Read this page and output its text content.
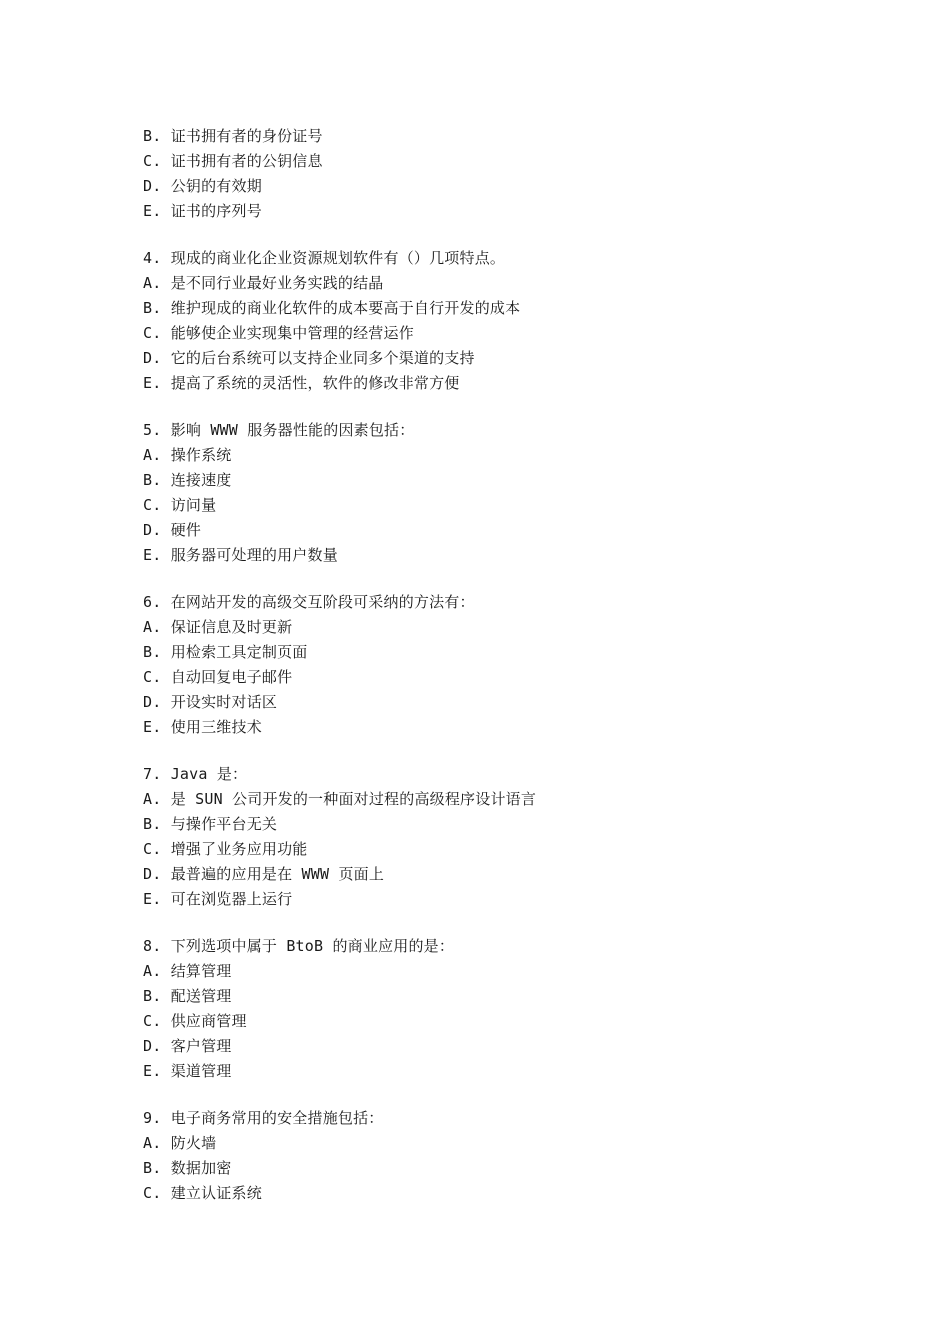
B. 证书拥有者的身份证号
C. 证书拥有者的公钥信息
D. 公钥的有效期
E. 证书的序列号
4. 现成的商业化企业资源规划软件有（）几项特点。
A. 是不同行业最好业务实践的结晶
B. 维护现成的商业化软件的成本要高于自行开发的成本
C. 能够使企业实现集中管理的经营运作
D. 它的后台系统可以支持企业同多个渠道的支持
E. 提高了系统的灵活性，软件的修改非常方便
5. 影响 WWW 服务器性能的因素包括：
A. 操作系统
B. 连接速度
C. 访问量
D. 硬件
E. 服务器可处理的用户数量
6. 在网站开发的高级交互阶段可采纳的方法有：
A. 保证信息及时更新
B. 用检索工具定制页面
C. 自动回复电子邮件
D. 开设实时对话区
E. 使用三维技术
7. Java 是：
A. 是 SUN 公司开发的一种面对过程的高级程序设计语言
B. 与操作平台无关
C. 增强了业务应用功能
D. 最普遍的应用是在 WWW 页面上
E. 可在浏览器上运行
8. 下列选项中属于 BtoB 的商业应用的是：
A. 结算管理
B. 配送管理
C. 供应商管理
D. 客户管理
E. 渠道管理
9. 电子商务常用的安全措施包括：
A. 防火墙
B. 数据加密
C. 建立认证系统
